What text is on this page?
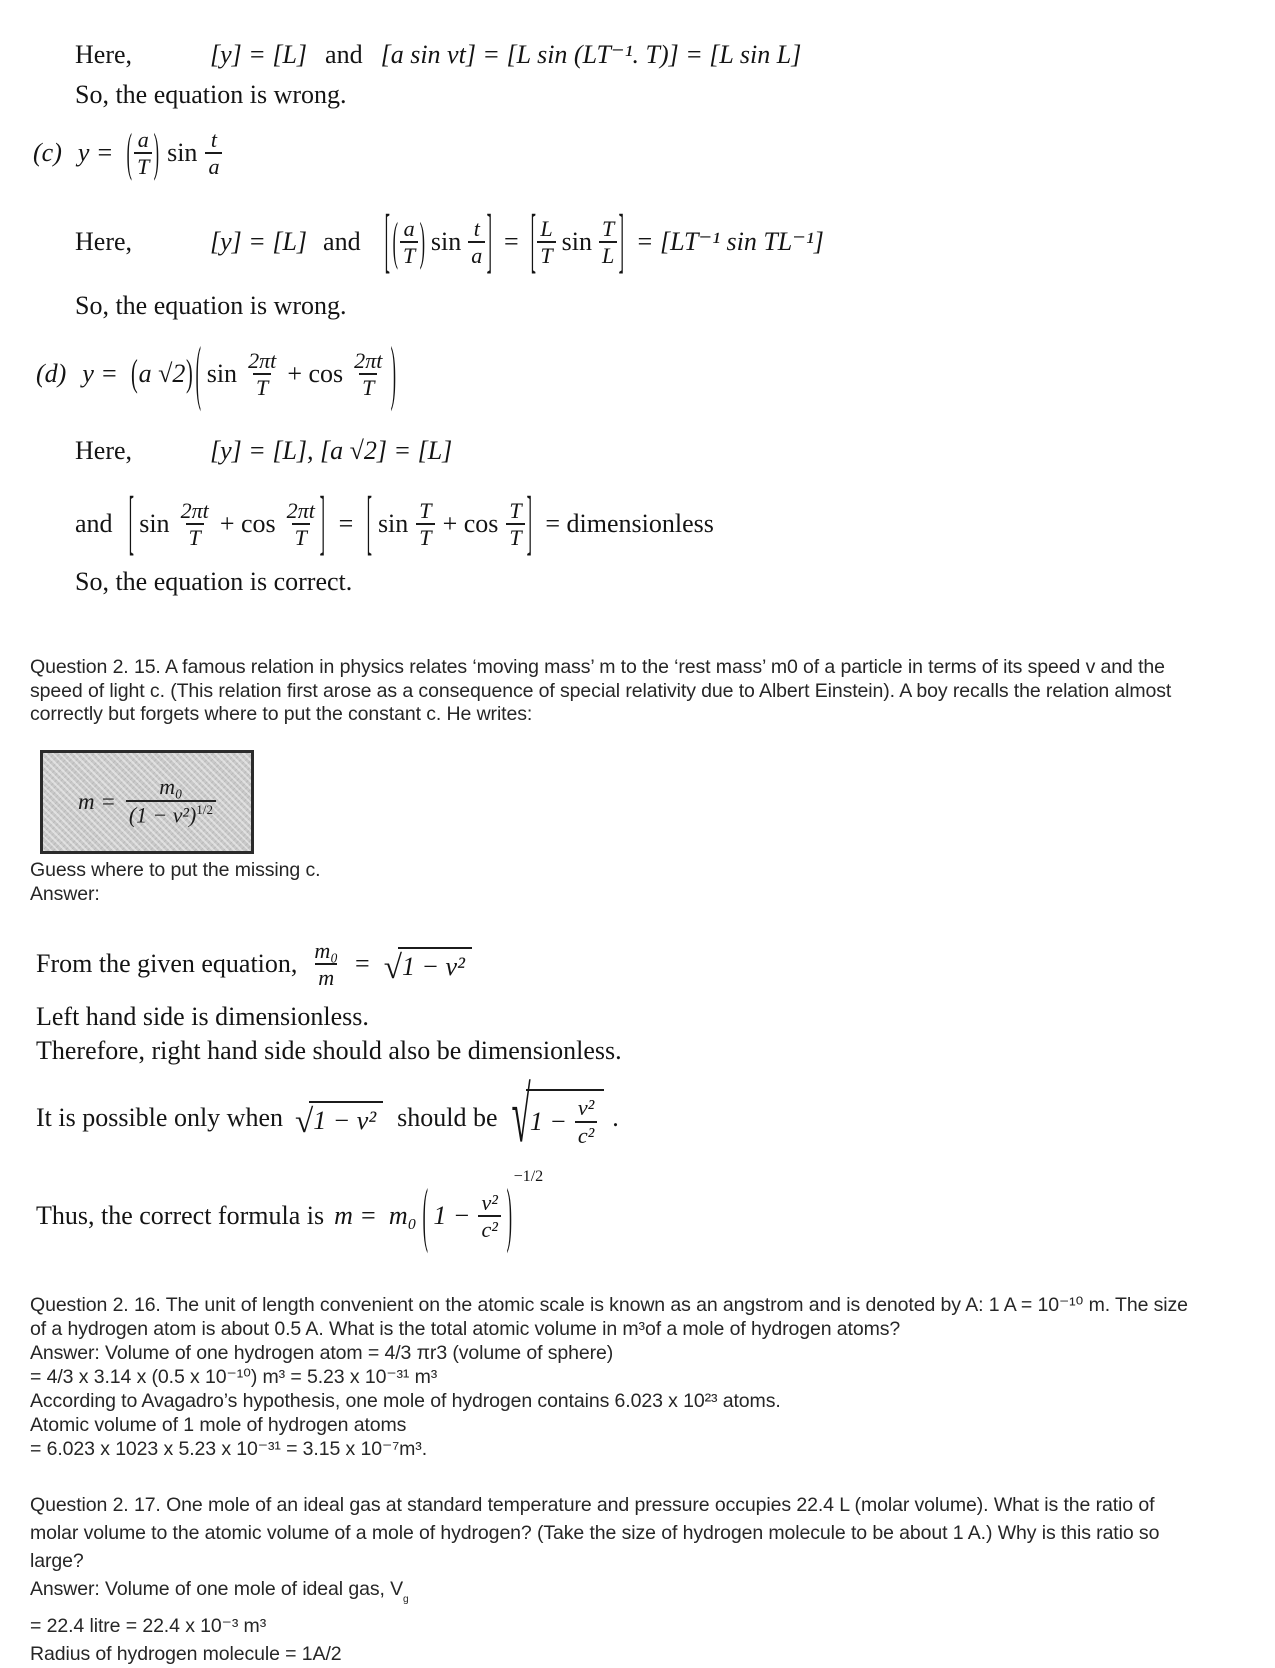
Here,	[y] = [L] and [a sin vt] = [L sin (LT⁻¹. T)] = [L sin L]
So, the equation is wrong.
(c) y = ( $\frac{a}{T}$ ) $\sin \frac{t}{a}$
Here,	[y] = [L] and [ ( $\frac{a}{T}$ ) $\sin \frac{t}{a}$ ] = [ $\frac{L}{T}$ $\sin \frac{T}{L}$ ] = [LT⁻¹ sin TL⁻¹]
So, the equation is wrong.
(d) y = ( a √2 ) ( $\sin \frac{2\pi t}{T} + \cos \frac{2\pi t}{T}$ )
Here,	[y] = [L], [a √2] = [L]
and [ $\sin \frac{2\pi t}{T} + \cos \frac{2\pi t}{T}$ ] = [ $\sin \frac{T}{T} + \cos \frac{T}{T}$ ] = dimensionless
So, the equation is correct.
Question 2. 15. A famous relation in physics relates ‘moving mass’ m to the ‘rest mass’ m0 of a particle in terms of its speed v and the
speed of light c. (This relation first arose as a consequence of special relativity due to Albert Einstein). A boy recalls the relation almost
correctly but forgets where to put the constant c. He writes:
$m = \frac{\text{m₀}}{(1 - v^2)^{1/2}}$
Guess where to put the missing c.
Answer:
From the given equation, $\frac{\text{m₀}}{m}$ = √ 1 − v²
Left hand side is dimensionless.
Therefore, right hand side should also be dimensionless.
It is possible only when √ 1 − v² should be √ $1 - \frac{\text{v²}}{\text{c²}}$ .
Thus, the correct formula is m = m₀ ( $1 - \frac{\text{v²}}{\text{c²}}$ ) −1/2
Question 2. 16. The unit of length convenient on the atomic scale is known as an angstrom and is denoted by A: 1 A = 10⁻¹⁰ m. The size
of a hydrogen atom is about 0.5 A. What is the total atomic volume in m³of a mole of hydrogen atoms?
Answer: Volume of one hydrogen atom = 4/3 πr3 (volume of sphere)
= 4/3 x 3.14 x (0.5 x 10⁻¹⁰) m³ = 5.23 x 10⁻³¹ m³
According to Avagadro’s hypothesis, one mole of hydrogen contains 6.023 x 10²³ atoms.
Atomic volume of 1 mole of hydrogen atoms
= 6.023 x 1023 x 5.23 x 10⁻³¹ = 3.15 x 10⁻⁷m³.
Question 2. 17. One mole of an ideal gas at standard temperature and pressure occupies 22.4 L (molar volume). What is the ratio of
molar volume to the atomic volume of a mole of hydrogen? (Take the size of hydrogen molecule to be about 1 A.) Why is this ratio so
large?
Answer: Volume of one mole of ideal gas, $V_g$
= 22.4 litre = 22.4 x 10⁻³ m³
Radius of hydrogen molecule = 1A/2
